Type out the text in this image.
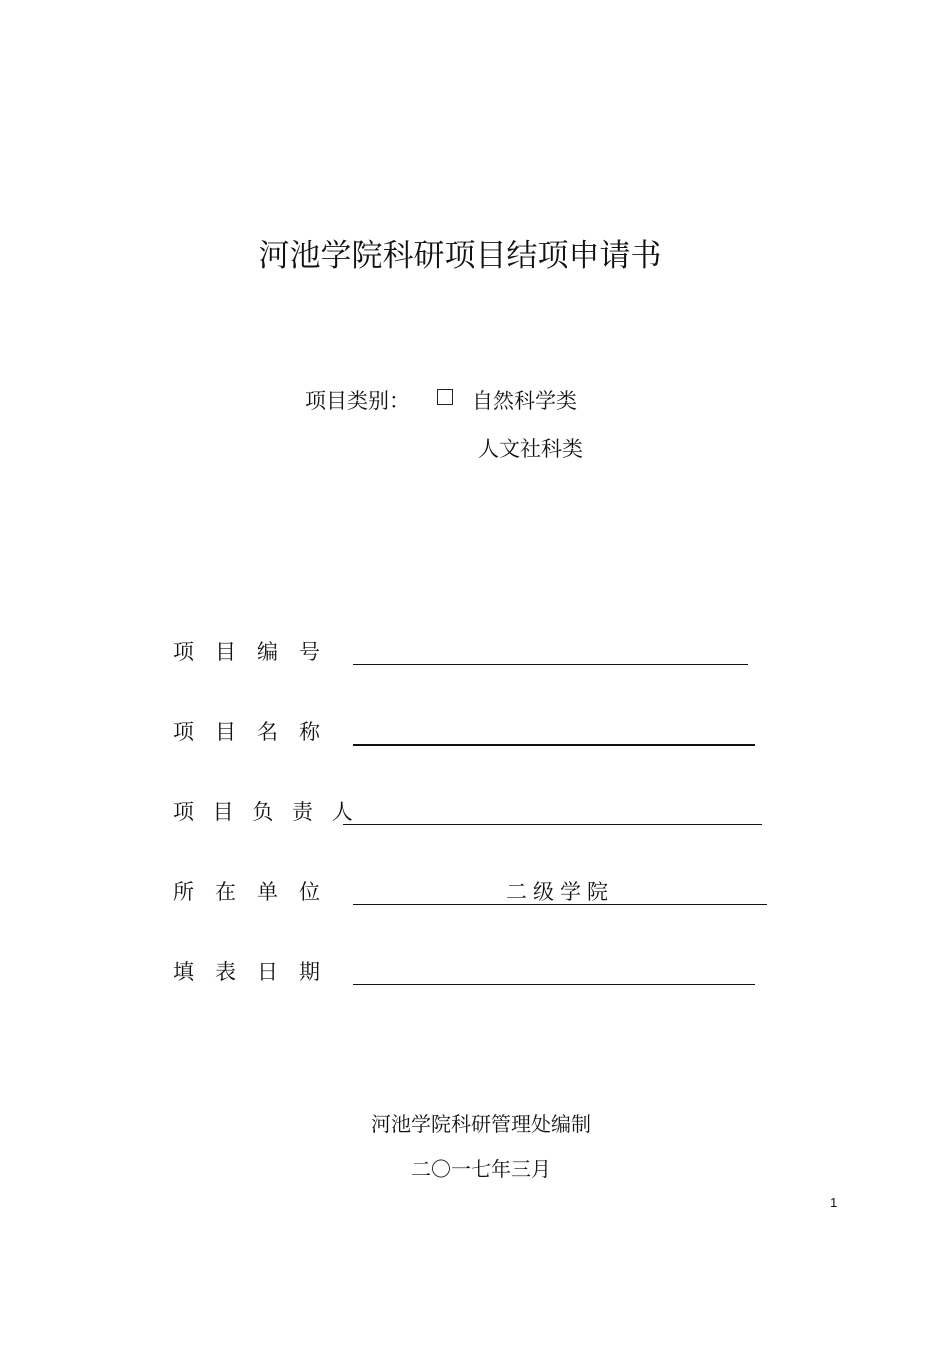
河池学院科研项目结项申请书
项目类别：	自然科学类
人文社科类
项　目　编　号
项　目　名　称
项 目 负 责 人
所　在　单　位	二级学院
填　表　日　期
河池学院科研管理处编制
二〇一七年三月
1
